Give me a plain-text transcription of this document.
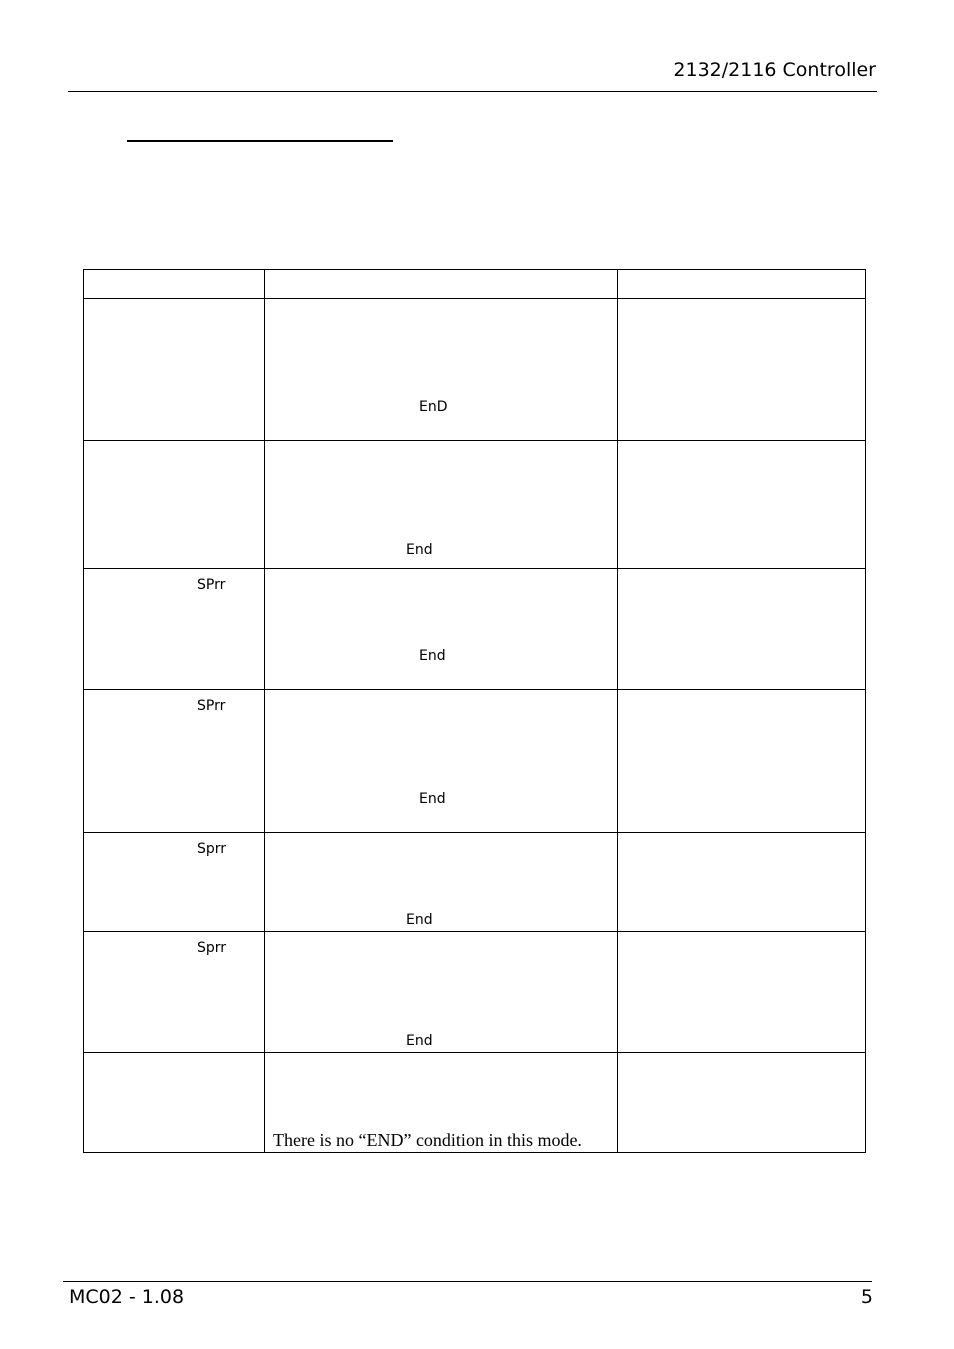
2132/2116 Controller
EnD
End
SPrr
End
SPrr
End
Sprr
End
Sprr
End
There is no “END” condition in this mode.
MC02 - 1.08	5
